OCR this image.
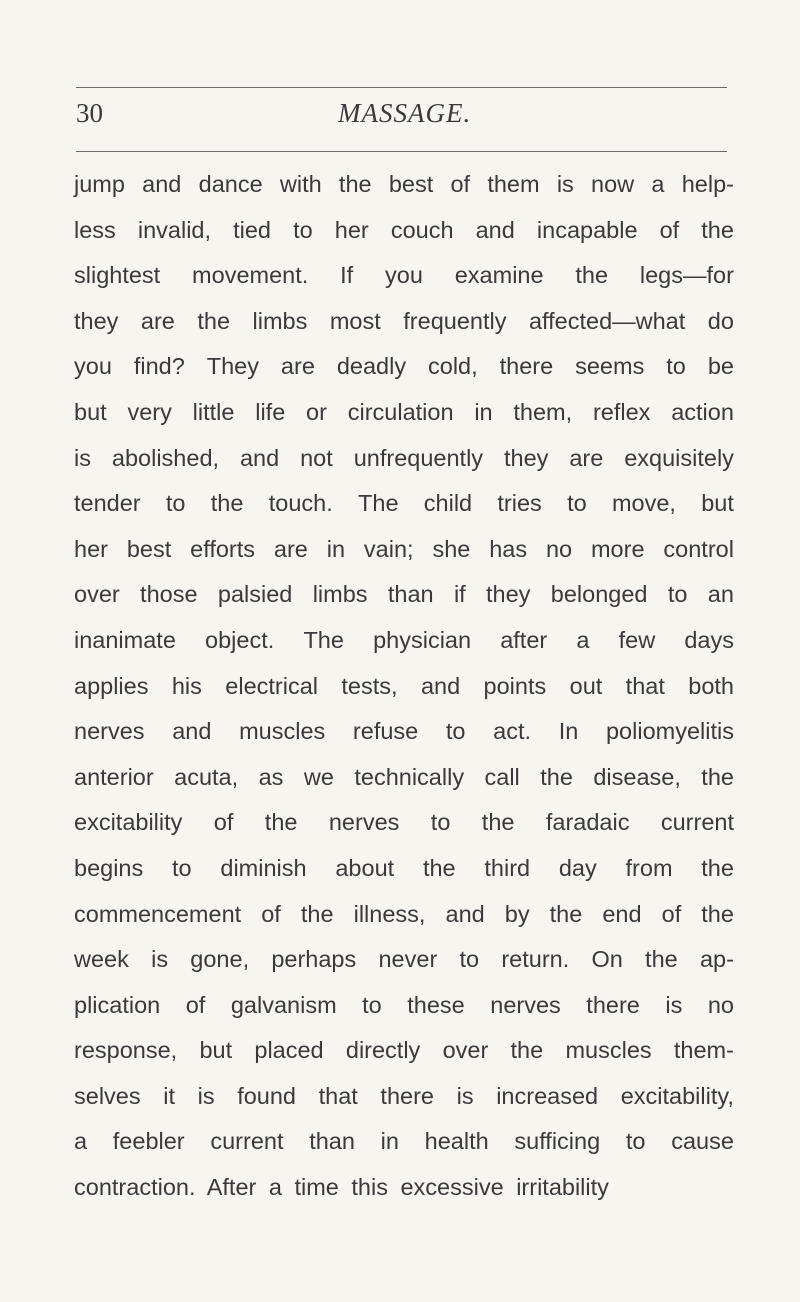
30	MASSAGE.
jump and dance with the best of them is now a help-
less invalid, tied to her couch and incapable of the
slightest movement. If you examine the legs—for
they are the limbs most frequently affected—what do
you find? They are deadly cold, there seems to be
but very little life or circulation in them, reflex action
is abolished, and not unfrequently they are exquisitely
tender to the touch. The child tries to move, but
her best efforts are in vain; she has no more control
over those palsied limbs than if they belonged to an
inanimate object. The physician after a few days
applies his electrical tests, and points out that both
nerves and muscles refuse to act. In poliomyelitis
anterior acuta, as we technically call the disease, the
excitability of the nerves to the faradaic current
begins to diminish about the third day from the
commencement of the illness, and by the end of the
week is gone, perhaps never to return. On the ap-
plication of galvanism to these nerves there is no
response, but placed directly over the muscles them-
selves it is found that there is increased excitability,
a feebler current than in health sufficing to cause
contraction. After a time this excessive irritability
